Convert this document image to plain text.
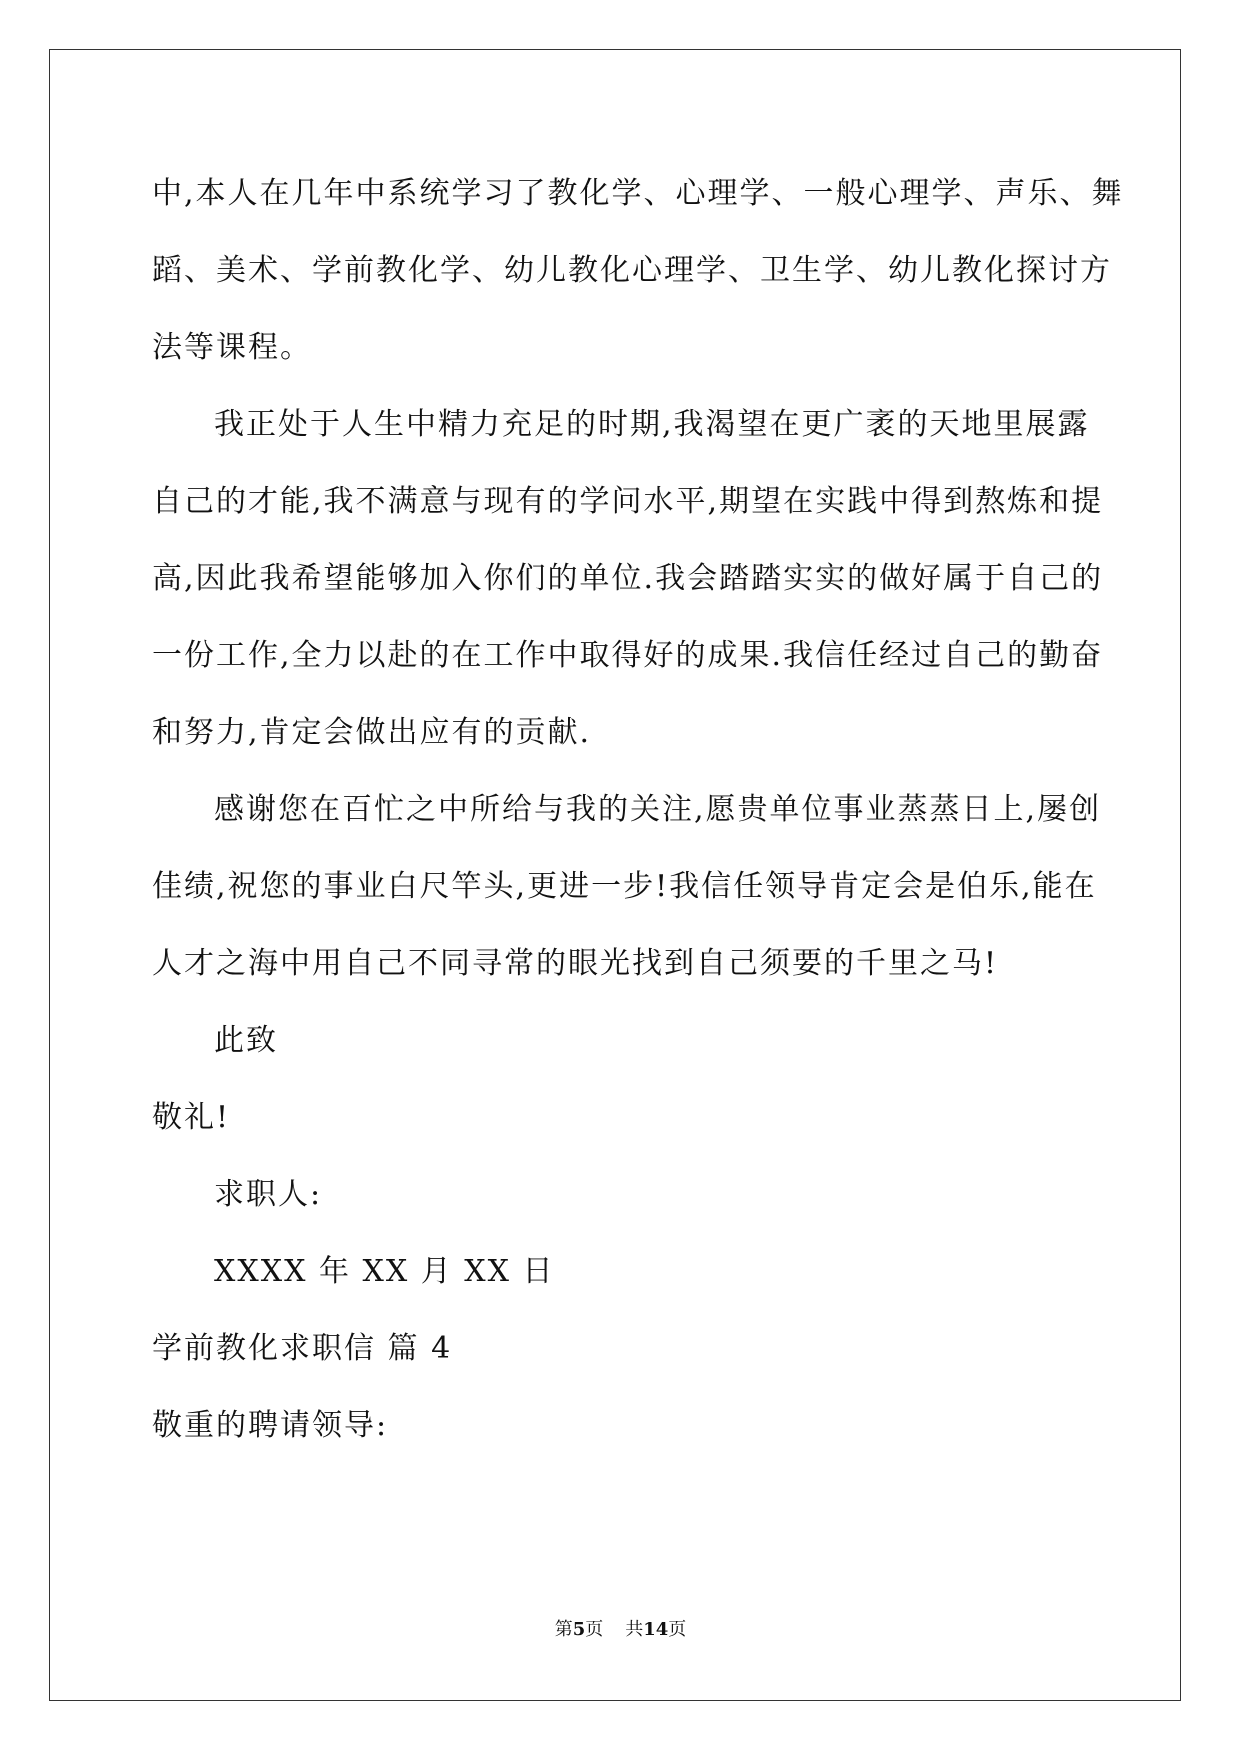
中,本人在几年中系统学习了教化学、心理学、一般心理学、声乐、舞
蹈、美术、学前教化学、幼儿教化心理学、卫生学、幼儿教化探讨方
法等课程。

我正处于人生中精力充足的时期,我渴望在更广袤的天地里展露
自己的才能,我不满意与现有的学问水平,期望在实践中得到熬炼和提
高,因此我希望能够加入你们的单位.我会踏踏实实的做好属于自己的
一份工作,全力以赴的在工作中取得好的成果.我信任经过自己的勤奋
和努力,肯定会做出应有的贡献.

感谢您在百忙之中所给与我的关注,愿贵单位事业蒸蒸日上,屡创
佳绩,祝您的事业白尺竿头,更进一步!我信任领导肯定会是伯乐,能在
人才之海中用自己不同寻常的眼光找到自己须要的千里之马!

此致
敬礼!
求职人:
XXXX 年 XX 月 XX 日

学前教化求职信 篇 4
敬重的聘请领导:

第5页 共14页
